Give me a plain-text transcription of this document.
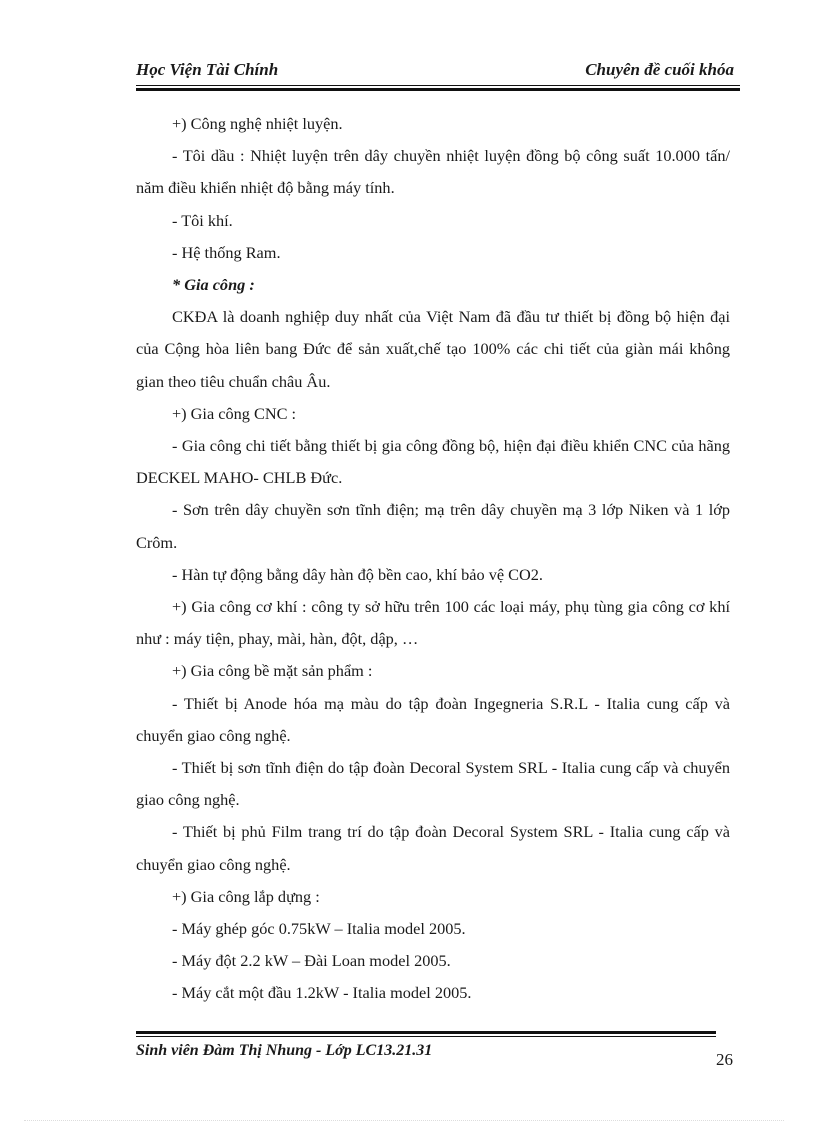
Học Viện Tài Chính	Chuyên đề cuối khóa

+) Công nghệ nhiệt luyện.

- Tôi dầu : Nhiệt luyện trên dây chuyền nhiệt luyện đồng bộ công suất 10.000 tấn/ năm điều khiển nhiệt độ bằng máy tính.

- Tôi khí.

- Hệ thống Ram.

* Gia công :

CKĐA là doanh nghiệp duy nhất của Việt Nam đã đầu tư thiết bị đồng bộ hiện đại của Cộng hòa liên bang Đức để sản xuất,chế tạo 100% các chi tiết của giàn mái không gian theo tiêu chuẩn châu Âu.

+) Gia công CNC :

- Gia công chi tiết bằng thiết bị gia công đồng bộ, hiện đại điều khiển CNC của hãng DECKEL MAHO- CHLB Đức.

- Sơn trên dây chuyền sơn tĩnh điện; mạ trên dây chuyền mạ 3 lớp Niken và 1 lớp Crôm.

- Hàn tự động bằng dây hàn độ bền cao, khí bảo vệ CO2.

+) Gia công cơ khí : công ty sở hữu trên 100 các loại máy, phụ tùng gia công cơ khí như : máy tiện, phay, mài, hàn, đột, dập, …

+) Gia công bề mặt sản phẩm :

- Thiết bị Anode hóa mạ màu do tập đoàn Ingegneria S.R.L - Italia cung cấp và chuyển giao công nghệ.

- Thiết bị sơn tĩnh điện do tập đoàn Decoral System SRL - Italia cung cấp và chuyển giao công nghệ.

- Thiết bị phủ Film trang trí do tập đoàn Decoral System SRL - Italia cung cấp và chuyển giao công nghệ.

+) Gia công lắp dựng :

- Máy ghép góc 0.75kW – Italia model 2005.

- Máy đột 2.2 kW – Đài Loan model 2005.

- Máy cắt một đầu 1.2kW - Italia model 2005.

Sinh viên Đàm Thị Nhung - Lớp LC13.21.31	26
